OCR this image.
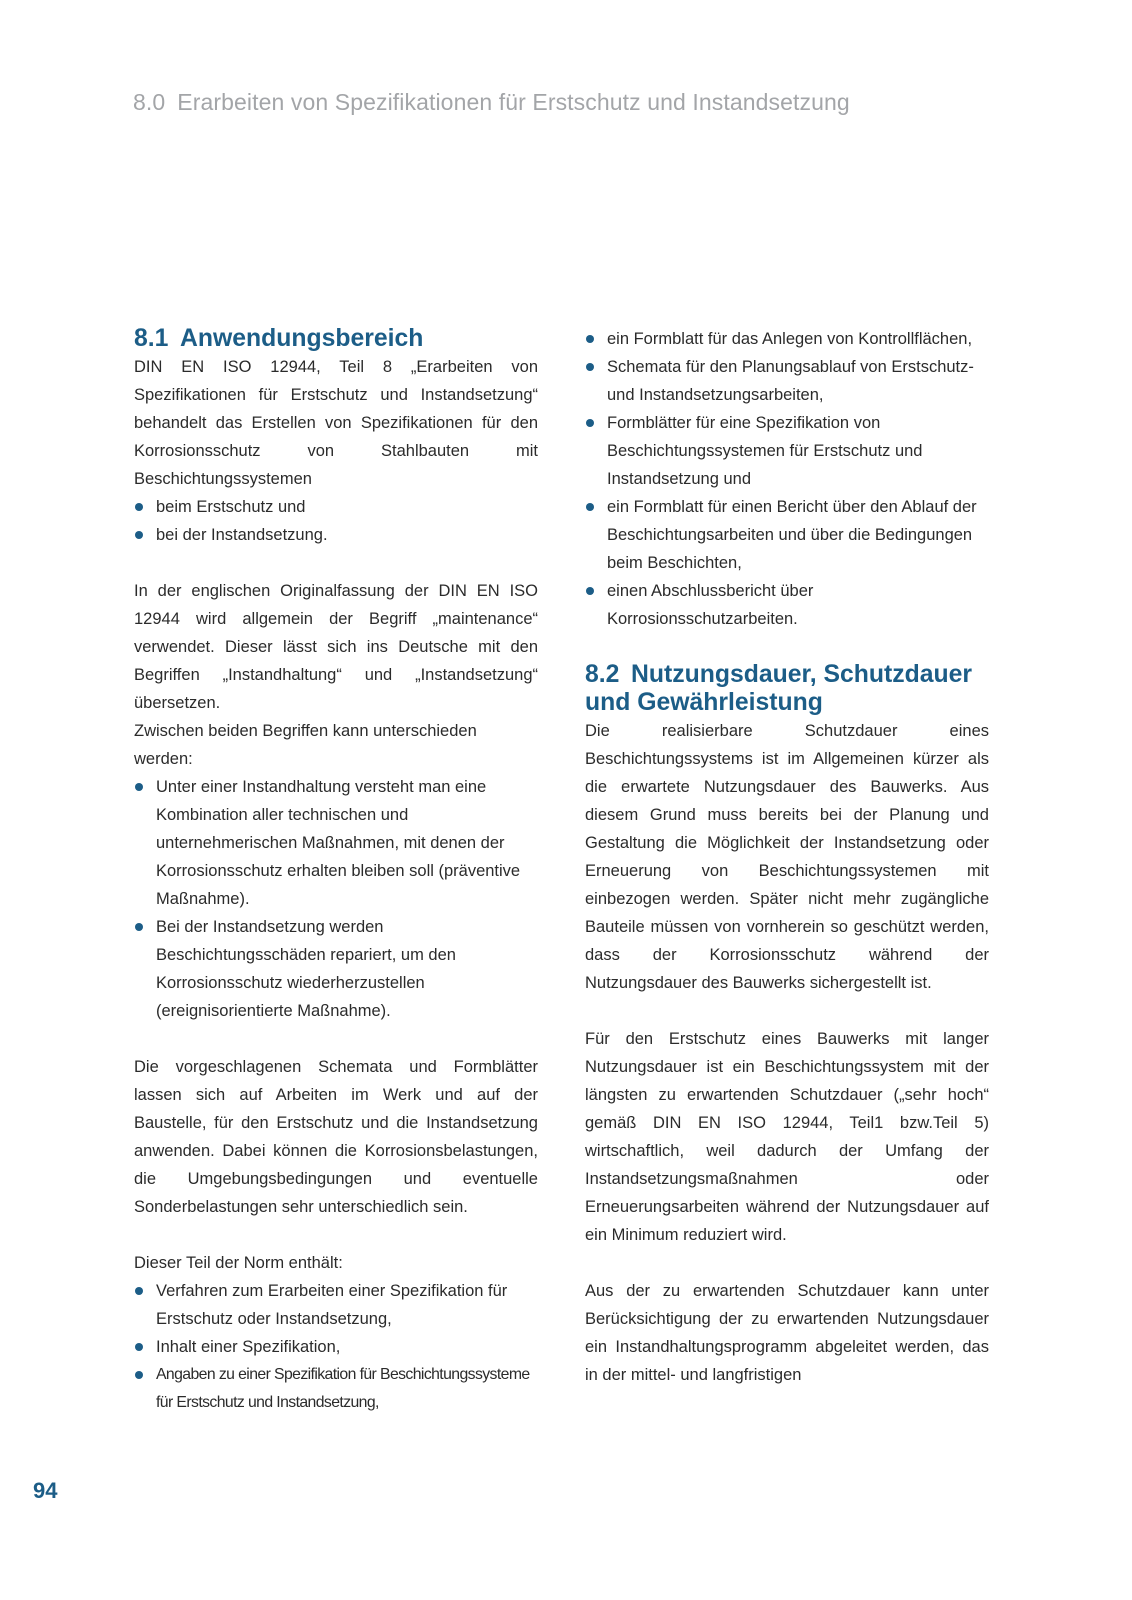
8.0 Erarbeiten von Spezifikationen für Erstschutz und Instandsetzung
8.1 Anwendungsbereich

DIN EN ISO 12944, Teil 8 „Erarbeiten von Spezifikationen für Erstschutz und Instandsetzung“ behandelt das Erstellen von Spezifikationen für den Korrosionsschutz von Stahlbauten mit Beschichtungssystemen

beim Erstschutz und
bei der Instandsetzung.

In der englischen Originalfassung der DIN EN ISO 12944 wird allgemein der Begriff „maintenance“ verwendet. Dieser lässt sich ins Deutsche mit den Begriffen „Instandhaltung“ und „Instandsetzung“ übersetzen.

Zwischen beiden Begriffen kann unterschieden werden:

Unter einer Instandhaltung versteht man eine Kombination aller technischen und unternehmerischen Maßnahmen, mit denen der Korrosionsschutz erhalten bleiben soll (präventive Maßnahme).
Bei der Instandsetzung werden Beschichtungsschäden repariert, um den Korrosionsschutz wiederherzustellen (ereignisorientierte Maßnahme).

Die vorgeschlagenen Schemata und Formblätter lassen sich auf Arbeiten im Werk und auf der Baustelle, für den Erstschutz und die Instandsetzung anwenden. Dabei können die Korrosionsbelastungen, die Umgebungsbedingungen und eventuelle Sonderbelastungen sehr unterschiedlich sein.

Dieser Teil der Norm enthält:

Verfahren zum Erarbeiten einer Spezifikation für Erstschutz oder Instandsetzung,
Inhalt einer Spezifikation,
Angaben zu einer Spezifikation für Beschichtungssysteme für Erstschutz und Instandsetzung,
ein Formblatt für das Anlegen von Kontrollflächen,
Schemata für den Planungsablauf von Erstschutz- und Instandsetzungsarbeiten,
Formblätter für eine Spezifikation von Beschichtungssystemen für Erstschutz und Instandsetzung und
ein Formblatt für einen Bericht über den Ablauf der Beschichtungsarbeiten und über die Bedingungen beim Beschichten,
einen Abschlussbericht über Korrosionsschutzarbeiten.
8.2 Nutzungsdauer, Schutzdauer
und Gewährleistung

Die realisierbare Schutzdauer eines Beschichtungssystems ist im Allgemeinen kürzer als die erwartete Nutzungsdauer des Bauwerks. Aus diesem Grund muss bereits bei der Planung und Gestaltung die Möglichkeit der Instandsetzung oder Erneuerung von Beschichtungssystemen mit einbezogen werden. Später nicht mehr zugängliche Bauteile müssen von vornherein so geschützt werden, dass der Korrosionsschutz während der Nutzungsdauer des Bauwerks sichergestellt ist.

Für den Erstschutz eines Bauwerks mit langer Nutzungsdauer ist ein Beschichtungssystem mit der längsten zu erwartenden Schutzdauer („sehr hoch“ gemäß DIN EN ISO 12944, Teil1 bzw.Teil 5) wirtschaftlich, weil dadurch der Umfang der Instandsetzungsmaßnahmen oder Erneuerungsarbeiten während der Nutzungsdauer auf ein Minimum reduziert wird.

Aus der zu erwartenden Schutzdauer kann unter Berücksichtigung der zu erwartenden Nutzungsdauer ein Instandhaltungsprogramm abgeleitet werden, das in der mittel- und langfristigen

94
